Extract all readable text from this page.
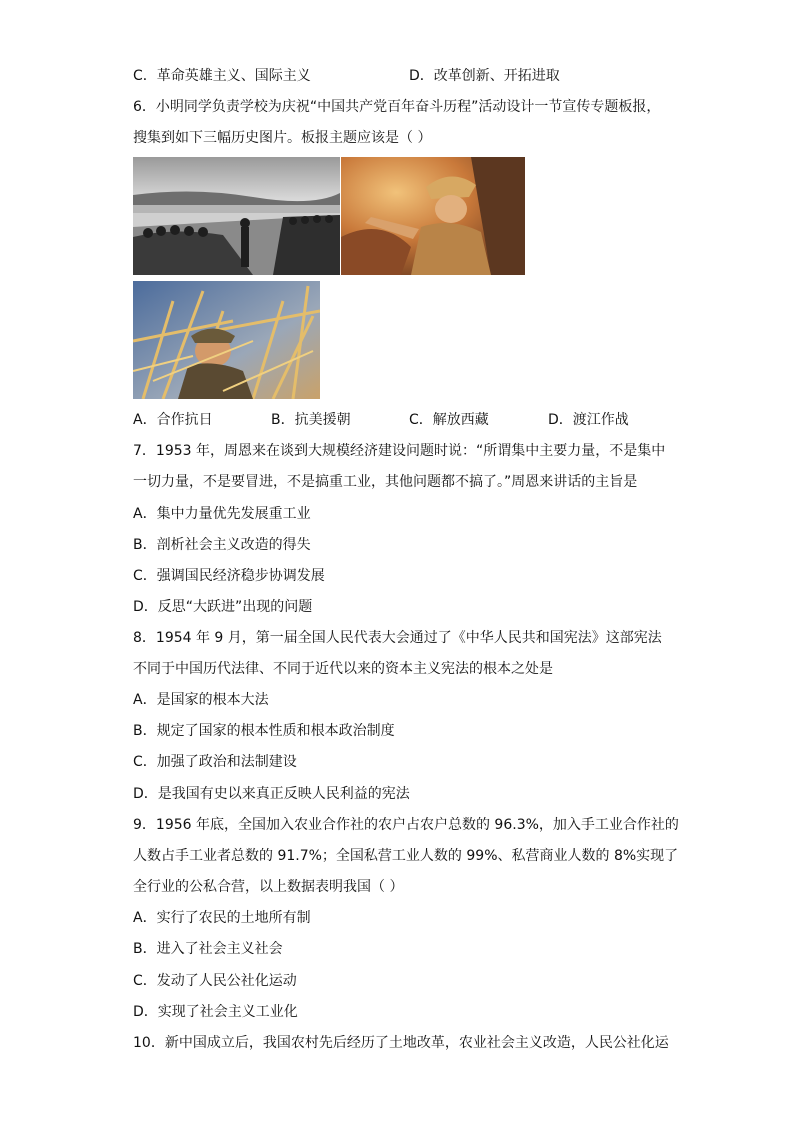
C．革命英雄主义、国际主义	D．改革创新、开拓进取
6．小明同学负责学校为庆祝“中国共产党百年奋斗历程”活动设计一节宣传专题板报，
搜集到如下三幅历史图片。板报主题应该是（ ）
A．合作抗日	B．抗美援朝	C．解放西藏	D．渡江作战
7．1953 年，周恩来在谈到大规模经济建设问题时说：“所谓集中主要力量，不是集中
一切力量，不是要冒进，不是搞重工业，其他问题都不搞了。”周恩来讲话的主旨是
A．集中力量优先发展重工业
B．剖析社会主义改造的得失
C．强调国民经济稳步协调发展
D．反思“大跃进”出现的问题
8．1954 年 9 月，第一届全国人民代表大会通过了《中华人民共和国宪法》这部宪法
不同于中国历代法律、不同于近代以来的资本主义宪法的根本之处是
A．是国家的根本大法
B．规定了国家的根本性质和根本政治制度
C．加强了政治和法制建设
D．是我国有史以来真正反映人民利益的宪法
9．1956 年底，全国加入农业合作社的农户占农户总数的 96.3%，加入手工业合作社的
人数占手工业者总数的 91.7%；全国私营工业人数的 99%、私营商业人数的 8%实现了
全行业的公私合营，以上数据表明我国（ ）
A．实行了农民的土地所有制
B．进入了社会主义社会
C．发动了人民公社化运动
D．实现了社会主义工业化
10．新中国成立后，我国农村先后经历了土地改革，农业社会主义改造，人民公社化运
